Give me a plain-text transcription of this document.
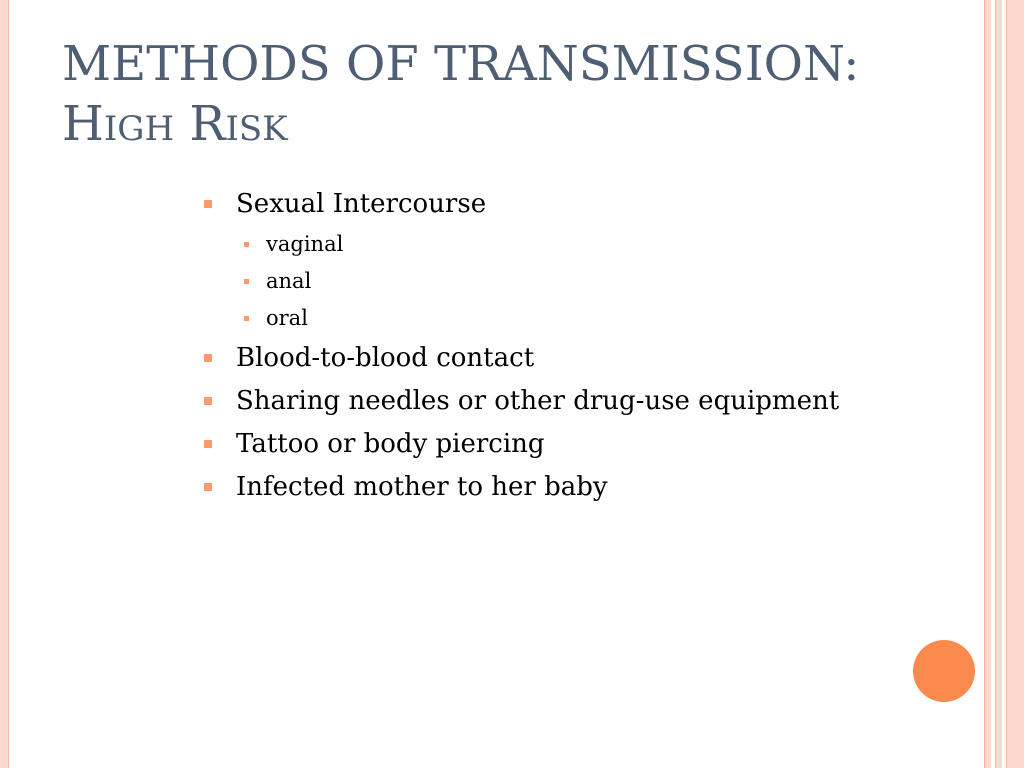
METHODS OF TRANSMISSION:
High Risk
Sexual Intercourse
vaginal
anal
oral
Blood-to-blood contact
Sharing needles or other drug-use equipment
Tattoo or body piercing
Infected mother to her baby
